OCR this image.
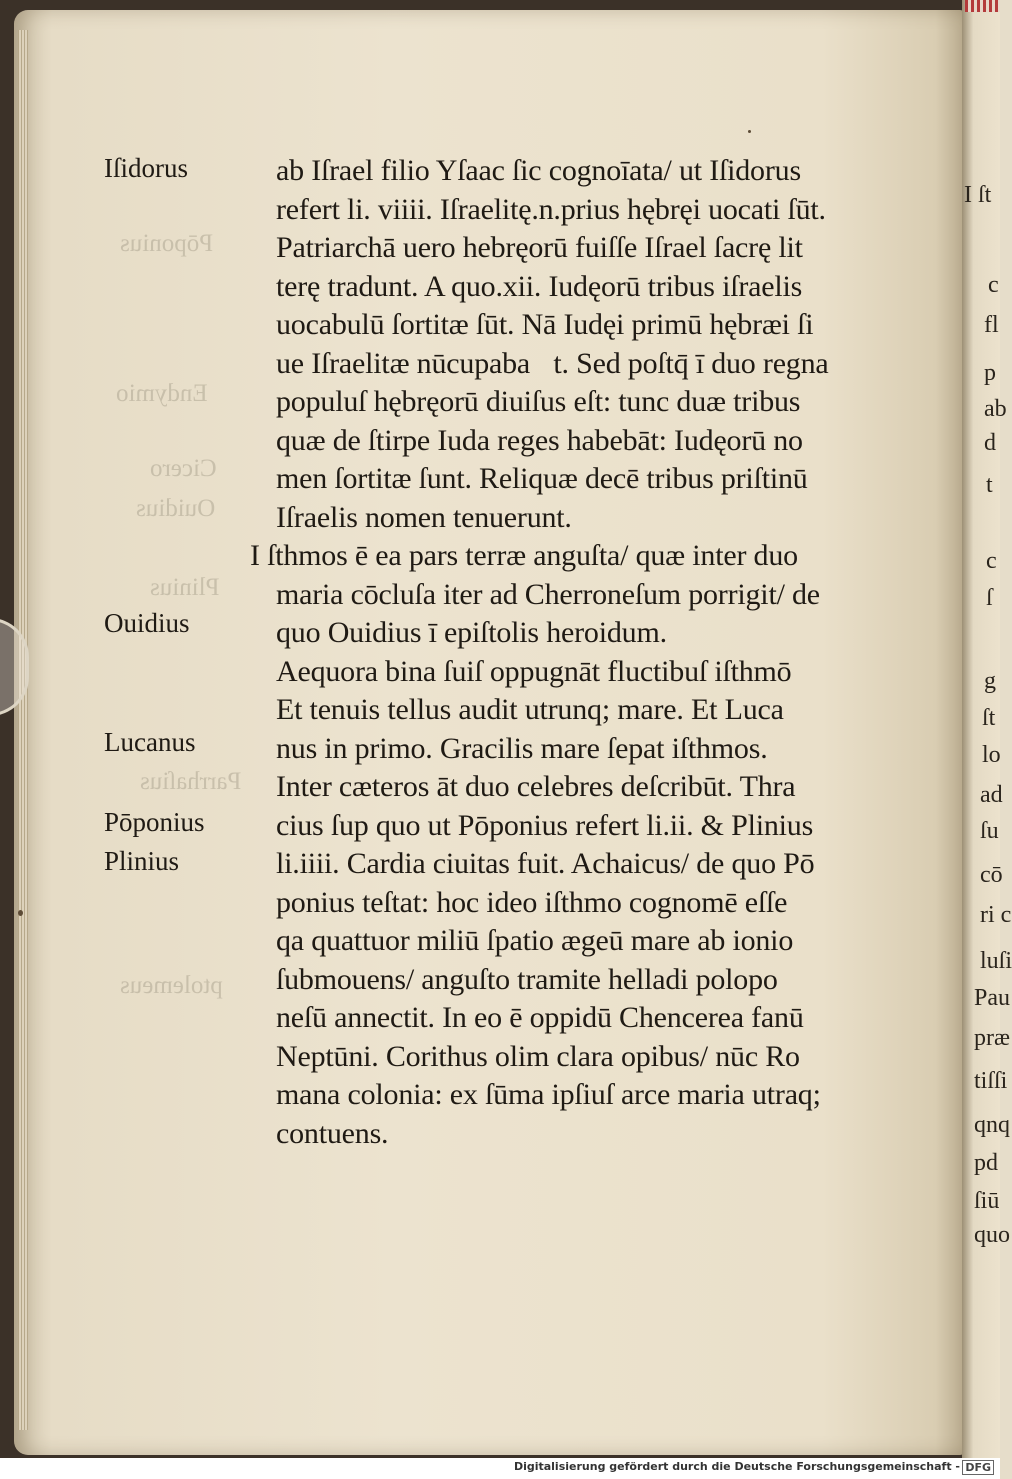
Pōponius
Endymio
Cicero
Ouidius
Plinius
Parrhaſius
ptolemeus
Iſidorus
Ouidius
Lucanus
Pōponius
Plinius
ab Iſrael filio Yſaac ſic cognoīata/ ut Iſidorus
refert li. viiii. Iſraelitę.n.prius hębręi uocati ſūt.
Patriarchā uero hebręorū fuiſſe Iſrael ſacrę lit
terę tradunt. A quo.xii. Iudęorū tribus iſraelis
uocabulū ſortitæ ſūt. Nā Iudęi primū hębræi ſi
ue Iſraelitæ nūcupabaᷣt. Sed poſtq̄ ī duo regna
populuſ hębręorū diuiſus eſt: tunc duæ tribus
quæ de ſtirpe Iuda reges habebāt: Iudęorū no
men ſortitæ ſunt. Reliquæ decē tribus priſtinū
Iſraelis nomen tenuerunt.
I ſthmos ē ea pars terræ anguſta/ quæ inter duo
maria cōcluſa iter ad Cherroneſum porrigit/ de
quo Ouidius ī epiſtolis heroidum.
Aequora bina ſuiſ oppugnāt fluctibuſ iſthmō
Et tenuis tellus audit utrunq; mare. Et Luca
nus in primo. Gracilis mare ſepat iſthmos.
Inter cæteros āt duo celebres deſcribūt. Thra
cius ſup quo ut Pōponius refert li.ii. & Plinius
li.iiii. Cardia ciuitas fuit. Achaicus/ de quo Pō
ponius teſtat: hoc ideo iſthmo cognomē eſſe
qa quattuor miliū ſpatio ægeū mare ab ionio
ſubmouens/ anguſto tramite helladi polopo
neſū annectit. In eo ē oppidū Chencerea fanū
Neptūni. Corithus olim clara opibus/ nūc Ro
mana colonia: ex ſūma ipſiuſ arce maria utraq;
contuens.
I ſt
c
fl
p
ab
d
t
c
ſ
g
ſt
lo
ad
ſu
cō
ri c
luſi
Pau
præ
tiſſi
qnq
pd
ſiū
quo
Digitalisierung gefördert durch die Deutsche Forschungsgemeinschaft - DFG
